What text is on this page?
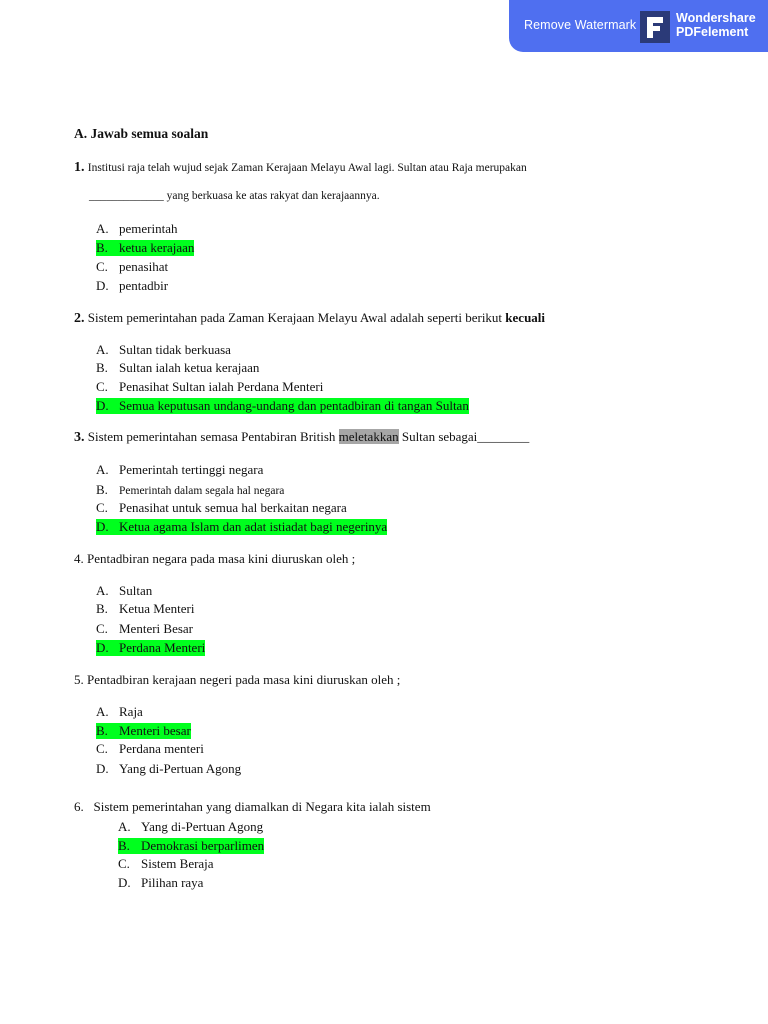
Remove Watermark	Wondershare
PDFelement
A. Jawab semua soalan
1. Institusi raja telah wujud sejak Zaman Kerajaan Melayu Awal lagi. Sultan atau Raja merupakan
_____________ yang berkuasa ke atas rakyat dan kerajaannya.
A. pemerintah
B. ketua kerajaan
C. penasihat
D. pentadbir
2. Sistem pemerintahan pada Zaman Kerajaan Melayu Awal adalah seperti berikut kecuali
A. Sultan tidak berkuasa
B. Sultan ialah ketua kerajaan
C. Penasihat Sultan ialah Perdana Menteri
D. Semua keputusan undang-undang dan pentadbiran di tangan Sultan
3. Sistem pemerintahan semasa Pentabiran British meletakkan Sultan sebagai________
A. Pemerintah tertinggi negara
B. Pemerintah dalam segala hal negara
C. Penasihat untuk semua hal berkaitan negara
D. Ketua agama Islam dan adat istiadat bagi negerinya
4. Pentadbiran negara pada masa kini diuruskan oleh ;
A. Sultan
B. Ketua Menteri
C. Menteri Besar
D. Perdana Menteri
5. Pentadbiran kerajaan negeri pada masa kini diuruskan oleh ;
A. Raja
B. Menteri besar
C. Perdana menteri
D. Yang di-Pertuan Agong
6.   Sistem pemerintahan yang diamalkan di Negara kita ialah sistem
A. Yang di-Pertuan Agong
B. Demokrasi berparlimen
C. Sistem Beraja
D. Pilihan raya
